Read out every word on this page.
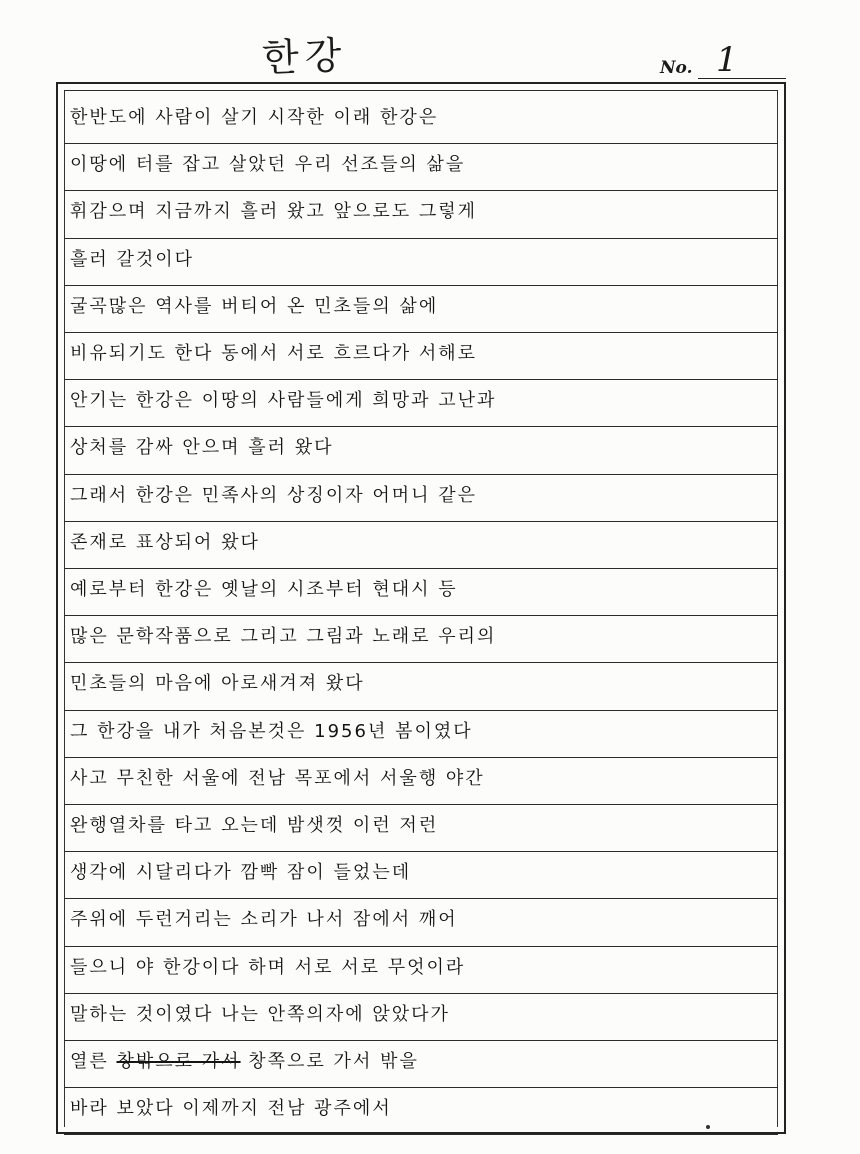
한강	No. 1
한반도에 사람이 살기 시작한 이래 한강은
이땅에 터를 잡고 살았던 우리 선조들의 삶을
휘감으며 지금까지 흘러 왔고 앞으로도 그렇게
흘러 갈것이다
굴곡많은 역사를 버티어 온 민초들의 삶에
비유되기도 한다 동에서 서로 흐르다가 서해로
안기는 한강은 이땅의 사람들에게 희망과 고난과
상처를 감싸 안으며 흘러 왔다
그래서 한강은 민족사의 상징이자 어머니 같은
존재로 표상되어 왔다
예로부터 한강은 옛날의 시조부터 현대시 등
많은 문학작품으로 그리고 그림과 노래로 우리의
민초들의 마음에 아로새겨져 왔다
그 한강을 내가 처음본것은 1956년 봄이였다
사고 무친한 서울에 전남 목포에서 서울행 야간
완행열차를 타고 오는데 밤샛껏 이런 저런
생각에 시달리다가 깜빡 잠이 들었는데
주위에 두런거리는 소리가 나서 잠에서 깨어
들으니 야 한강이다 하며 서로 서로 무엇이라
말하는 것이였다 나는 안쪽의자에 앉았다가
열른 창밖으로 가서 창쪽으로 가서 밖을
바라 보았다 이제까지 전남 광주에서
